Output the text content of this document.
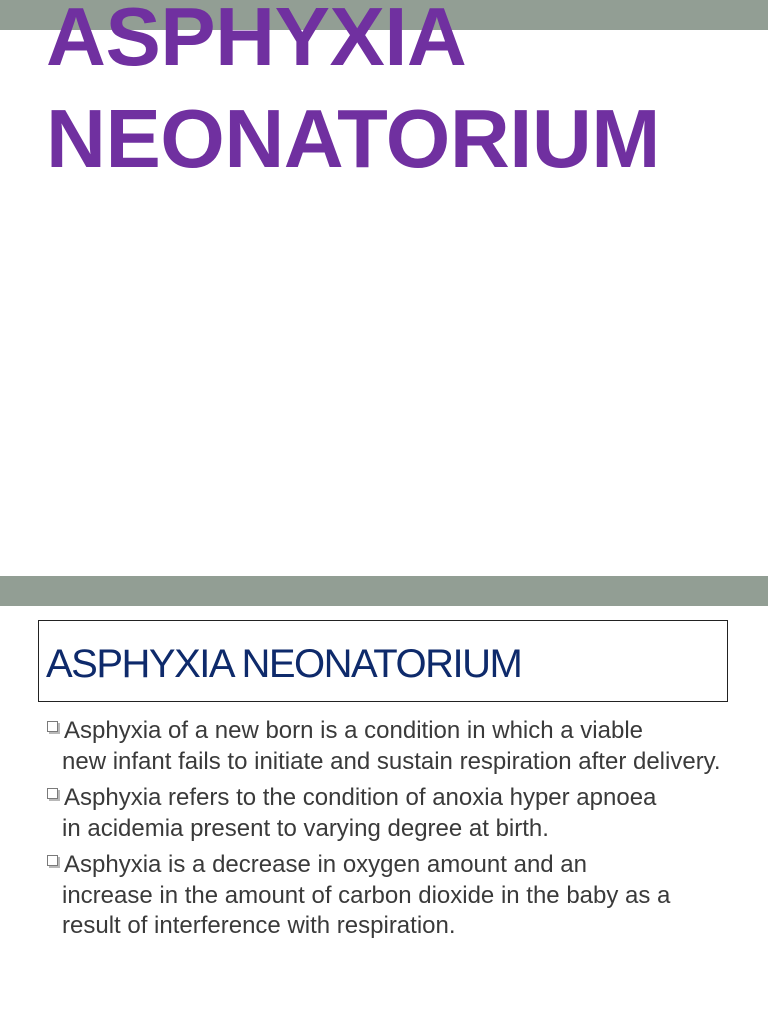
ASPHYXIA
NEONATORIUM
ASPHYXIA NEONATORIUM
Asphyxia of a new born is a condition in which a viable
new infant fails to initiate and sustain respiration after delivery.
Asphyxia refers to the condition of anoxia hyper apnoea
in acidemia present to varying degree at birth.
Asphyxia is a decrease in oxygen amount and an
increase in the amount of carbon dioxide in the baby as a result of interference with respiration.
